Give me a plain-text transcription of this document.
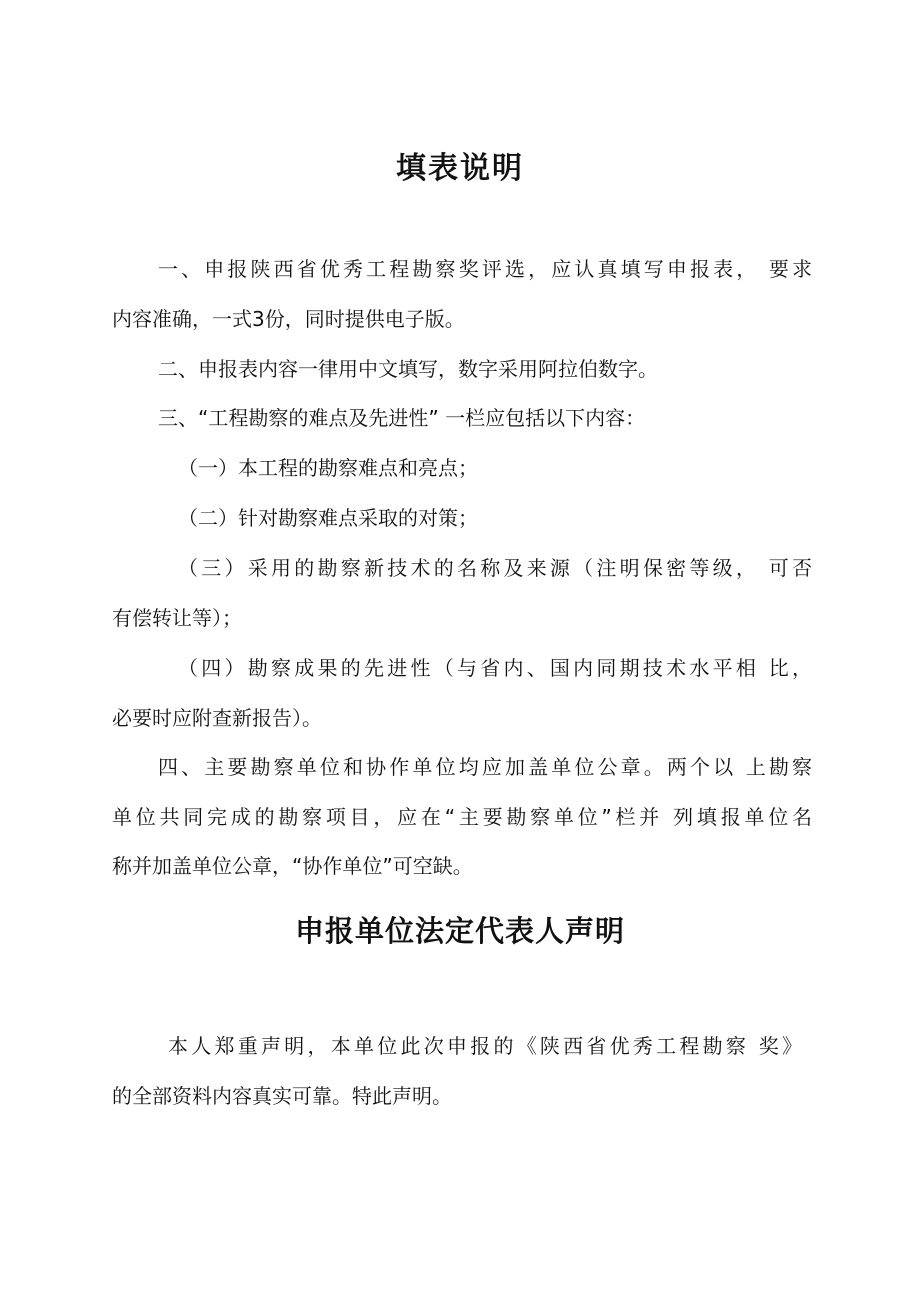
填表说明
一、申报陕西省优秀工程勘察奖评选，应认真填写申报表， 要求
内容准确，一式3份，同时提供电子版。
二、申报表内容一律用中文填写，数字采用阿拉伯数字。
三、“工程勘察的难点及先进性” 一栏应包括以下内容：
（一）本工程的勘察难点和亮点；
（二）针对勘察难点采取的对策；
（三）采用的勘察新技术的名称及来源（注明保密等级， 可否
有偿转让等）；
（四）勘察成果的先进性（与省内、国内同期技术水平相 比，
必要时应附查新报告）。
四、主要勘察单位和协作单位均应加盖单位公章。两个以 上勘察
单位共同完成的勘察项目，应在“主要勘察单位”栏并 列填报单位名
称并加盖单位公章，“协作单位”可空缺。
申报单位法定代表人声明
本人郑重声明，本单位此次申报的《陕西省优秀工程勘察 奖》
的全部资料内容真实可靠。特此声明。
